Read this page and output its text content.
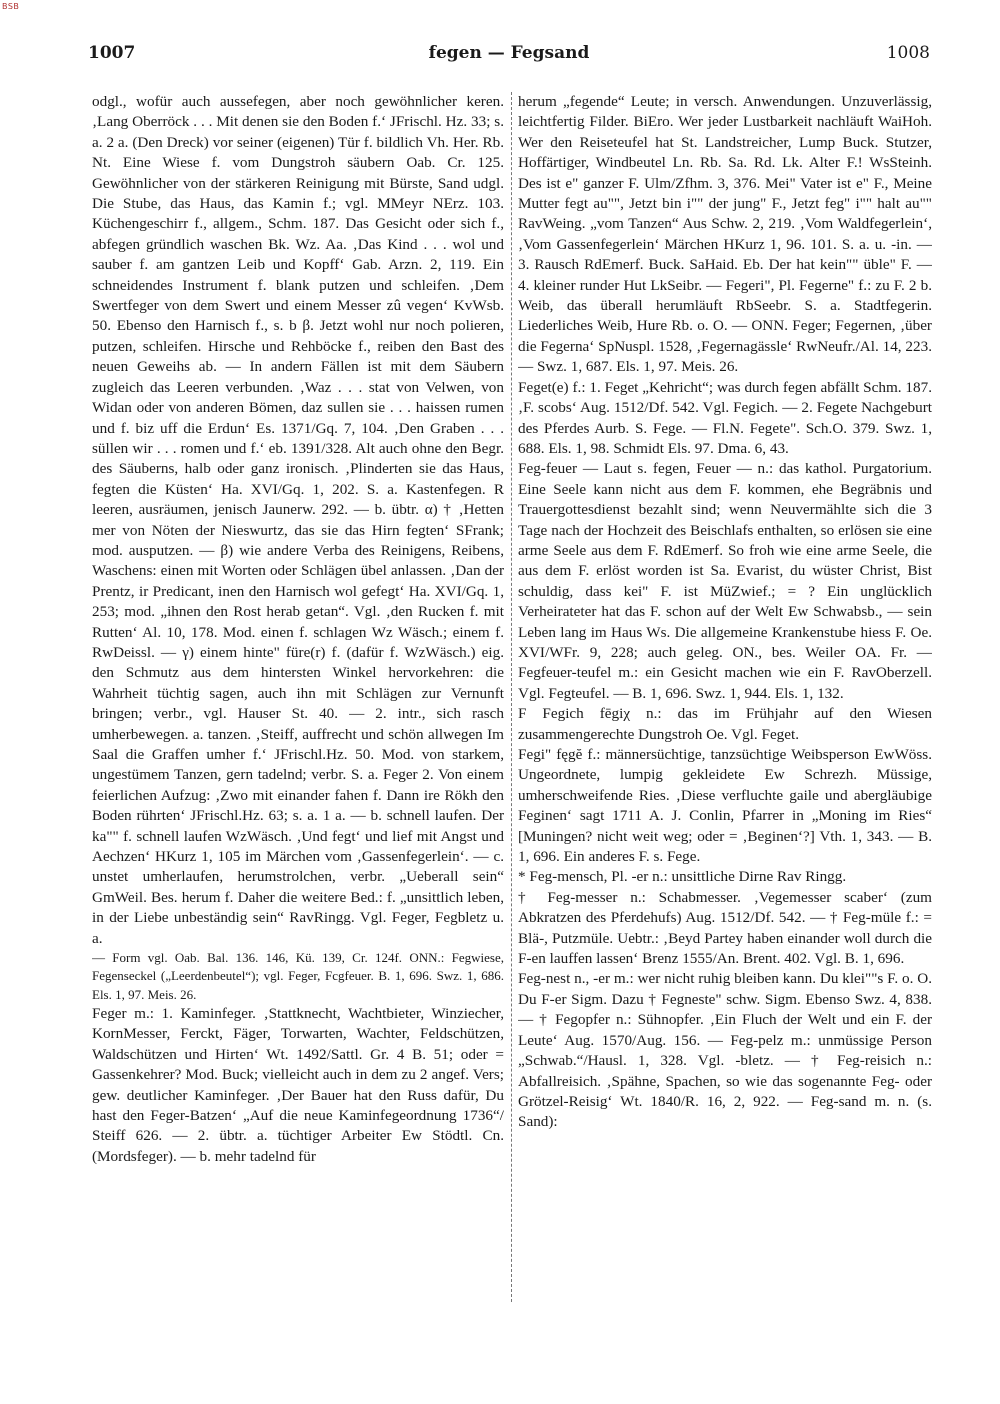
BSB
1007	fegen — Fegsand	1008

odgl., wofür auch aussefegen, aber noch gewöhnlicher keren. ‚Lang Oberröck . . . Mit denen sie den Boden f.‘ JFrischl. Hz. 33; s. a. 2 a. (Den Dreck) vor seiner (eigenen) Tür f. bildlich Vh. Her. Rb. Nt. Eine Wiese f. vom Dungstroh säubern Oab. Cr. 125. Gewöhnlicher von der stärkeren Reinigung mit Bürste, Sand udgl. Die Stube, das Haus, das Kamin f.; vgl. MMeyr NErz. 103. Küchengeschirr f., allgem., Schm. 187. Das Gesicht oder sich f., abfegen gründlich waschen Bk. Wz. Aa. ‚Das Kind . . . wol und sauber f. am gantzen Leib und Kopff‘ Gab. Arzn. 2, 119. Ein schneidendes Instrument f. blank putzen und schleifen. ‚Dem Swertfeger von dem Swert und einem Messer zû vegen‘ KvWsb. 50. Ebenso den Harnisch f., s. b β. Jetzt wohl nur noch polieren, putzen, schleifen. Hirsche und Rehböcke f., reiben den Bast des neuen Geweihs ab. — In andern Fällen ist mit dem Säubern zugleich das Leeren verbunden. ‚Waz . . . stat von Velwen, von Widan oder von anderen Bömen, daz sullen sie . . . haissen rumen und f. biz uff die Erdun‘ Es. 1371/Gq. 7, 104. ‚Den Graben . . . süllen wir . . . romen und f.‘ eb. 1391/328. Alt auch ohne den Begr. des Säuberns, halb oder ganz ironisch. ‚Plinderten sie das Haus, fegten die Küsten‘ Ha. XVI/Gq. 1, 202. S. a. Kastenfegen. R leeren, ausräumen, jenisch Jaunerw. 292. — b. übtr. α) † ‚Hetten mer von Nöten der Nieswurtz, das sie das Hirn fegten‘ SFrank; mod. ausputzen. — β) wie andere Verba des Reinigens, Reibens, Waschens: einen mit Worten oder Schlägen übel anlassen. ‚Dan der Prentz, ir Predicant, inen den Harnisch wol gefegt‘ Ha. XVI/Gq. 1, 253; mod. „ihnen den Rost herab getan“. Vgl. ‚den Rucken f. mit Rutten‘ Al. 10, 178. Mod. einen f. schlagen Wz Wäsch.; einem f. RwDeissl. — γ) einem hinte" füre(r) f. (dafür f. WzWäsch.) eig. den Schmutz aus dem hintersten Winkel hervorkehren: die Wahrheit tüchtig sagen, auch ihn mit Schlägen zur Vernunft bringen; verbr., vgl. Hauser St. 40. — 2. intr., sich rasch umherbewegen. a. tanzen. ‚Steiff, auffrecht und schön allwegen Im Saal die Graffen umher f.‘ JFrischl.Hz. 50. Mod. von starkem, ungestümem Tanzen, gern tadelnd; verbr. S. a. Feger 2. Von einem feierlichen Aufzug: ‚Zwo mit einander fahen f. Dann ire Rökh den Boden rührten‘ JFrischl.Hz. 63; s. a. 1 a. — b. schnell laufen. Der ka"" f. schnell laufen WzWäsch. ‚Und fegt‘ und lief mit Angst und Aechzen‘ HKurz 1, 105 im Märchen vom ‚Gassenfegerlein‘. — c. unstet umherlaufen, herumstrolchen, verbr. „Ueberall sein“ GmWeil. Bes. herum f. Daher die weitere Bed.: f. „unsittlich leben, in der Liebe unbeständig sein“ RavRingg. Vgl. Feger, Fegbletz u. a.

— Form vgl. Oab. Bal. 136. 146, Kü. 139, Cr. 124f. ONN.: Fegwiese, Fegenseckel („Leerdenbeutel“); vgl. Feger, Fcgfeuer. B. 1, 696. Swz. 1, 686. Els. 1, 97. Meis. 26.

Feger m.: 1. Kaminfeger. ‚Stattknecht, Wachtbieter, Winziecher, KornMesser, Ferckt, Fäger, Torwarten, Wachter, Feldschützen, Waldschützen und Hirten‘ Wt. 1492/Sattl. Gr. 4 B. 51; oder = Gassenkehrer? Mod. Buck; vielleicht auch in dem zu 2 angef. Vers; gew. deutlicher Kaminfeger. ‚Der Bauer hat den Russ dafür, Du hast den Feger-Batzen‘ „Auf die neue Kaminfegeordnung 1736“/ Steiff 626. — 2. übtr. a. tüchtiger Arbeiter Ew Stödtl. Cn. (Mordsfeger). — b. mehr tadelnd für

herum „fegende“ Leute; in versch. Anwendungen. Unzuverlässig, leichtfertig Filder. BiEro. Wer jeder Lustbarkeit nachläuft WaiHoh. Wer den Reiseteufel hat St. Landstreicher, Lump Buck. Stutzer, Hoffärtiger, Windbeutel Ln. Rb. Sa. Rd. Lk. Alter F.! WsSteinh. Des ist e" ganzer F. Ulm/Zfhm. 3, 376. Mei" Vater ist e" F., Meine Mutter fegt au"", Jetzt bin i"" der jung" F., Jetzt feg" i"" halt au"" RavWeing. „vom Tanzen“ Aus Schw. 2, 219. ‚Vom Waldfegerlein‘, ‚Vom Gassenfegerlein‘ Märchen HKurz 1, 96. 101. S. a. u. -in. — 3. Rausch RdEmerf. Buck. SaHaid. Eb. Der hat kein"" üble" F. — 4. kleiner runder Hut LkSeibr. — Fegeri", Pl. Fegerne" f.: zu F. 2 b. Weib, das überall herumläuft RbSeebr. S. a. Stadtfegerin. Liederliches Weib, Hure Rb. o. O. — ONN. Feger; Fegernen, ‚über die Fegerna‘ SpNuspl. 1528, ‚Fegernagässle‘ RwNeufr./Al. 14, 223. — Swz. 1, 687. Els. 1, 97. Meis. 26.

Feget(e) f.: 1. Feget „Kehricht“; was durch fegen abfällt Schm. 187. ‚F. scobs‘ Aug. 1512/Df. 542. Vgl. Fegich. — 2. Fegete Nachgeburt des Pferdes Aurb. S. Fege. — Fl.N. Fegete". Sch.O. 379. Swz. 1, 688. Els. 1, 98. Schmidt Els. 97. Dma. 6, 43.

Feg-feuer — Laut s. fegen, Feuer — n.: das kathol. Purgatorium. Eine Seele kann nicht aus dem F. kommen, ehe Begräbnis und Trauergottesdienst bezahlt sind; wenn Neuvermählte sich die 3 Tage nach der Hochzeit des Beischlafs enthalten, so erlösen sie eine arme Seele aus dem F. RdEmerf. So froh wie eine arme Seele, die aus dem F. erlöst worden ist Sa. Evarist, du wüster Christ, Bist schuldig, dass kei" F. ist MüZwief.; = ? Ein unglücklich Verheirateter hat das F. schon auf der Welt Ew Schwabsb., — sein Leben lang im Haus Ws. Die allgemeine Krankenstube hiess F. Oe. XVI/WFr. 9, 228; auch geleg. ON., bes. Weiler OA. Fr. — Fegfeuer-teufel m.: ein Gesicht machen wie ein F. RavOberzell. Vgl. Fegteufel. — B. 1, 696. Swz. 1, 944. Els. 1, 132.

F Fegich fēgiχ n.: das im Frühjahr auf den Wiesen zusammengerechte Dungstroh Oe. Vgl. Feget.

Fegi" fęgĕ f.: männersüchtige, tanzsüchtige Weibsperson EwWöss. Ungeordnete, lumpig gekleidete Ew Schrezh. Müssige, umherschweifende Ries. ‚Diese verfluchte gaile und abergläubige Feginen‘ sagt 1711 A. J. Conlin, Pfarrer in „Moning im Ries“ [Muningen? nicht weit weg; oder = ‚Beginen‘?] Vth. 1, 343. — B. 1, 696. Ein anderes F. s. Fege.

* Feg-mensch, Pl. -er n.: unsittliche Dirne Rav Ringg.

† Feg-messer n.: Schabmesser. ‚Vegemesser scaber‘ (zum Abkratzen des Pferdehufs) Aug. 1512/Df. 542. — † Feg-müle f.: = Blä-, Putzmüle. Uebtr.: ‚Beyd Partey haben einander woll durch die F-en lauffen lassen‘ Brenz 1555/An. Brent. 402. Vgl. B. 1, 696.

Feg-nest n., -er m.: wer nicht ruhig bleiben kann. Du klei""s F. o. O. Du F-er Sigm. Dazu † Fegneste" schw. Sigm. Ebenso Swz. 4, 838. — † Fegopfer n.: Sühnopfer. ‚Ein Fluch der Welt und ein F. der Leute‘ Aug. 1570/Aug. 156. — Feg-pelz m.: unmüssige Person „Schwab.“/Hausl. 1, 328. Vgl. -bletz. — † Feg-reisich n.: Abfallreisich. ‚Spähne, Spachen, so wie das sogenannte Feg- oder Grötzel-Reisig‘ Wt. 1840/R. 16, 2, 922. — Feg-sand m. n. (s. Sand):
